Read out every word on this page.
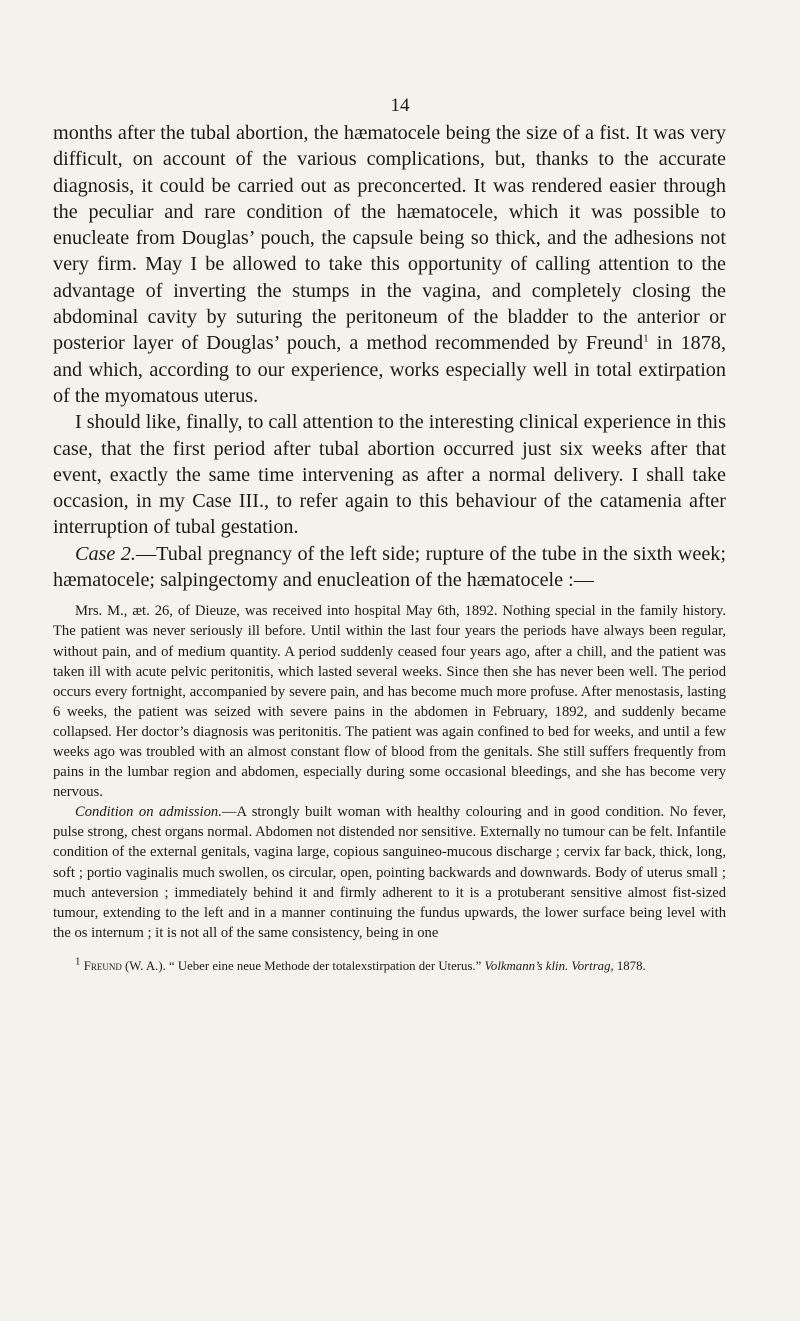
14

months after the tubal abortion, the hæmatocele being the size of a fist. It was very difficult, on account of the various complications, but, thanks to the accurate diagnosis, it could be carried out as preconcerted. It was rendered easier through the peculiar and rare condition of the hæmatocele, which it was possible to enucleate from Douglas’ pouch, the capsule being so thick, and the adhesions not very firm. May I be allowed to take this opportunity of calling attention to the advantage of inverting the stumps in the vagina, and completely closing the abdominal cavity by suturing the peritoneum of the bladder to the anterior or posterior layer of Douglas’ pouch, a method recommended by Freund$^1$ in 1878, and which, according to our experience, works especially well in total extirpation of the myomatous uterus.

I should like, finally, to call attention to the interesting clinical experience in this case, that the first period after tubal abortion occurred just six weeks after that event, exactly the same time intervening as after a normal delivery. I shall take occasion, in my Case III., to refer again to this behaviour of the catamenia after interruption of tubal gestation.

Case 2.—Tubal pregnancy of the left side; rupture of the tube in the sixth week; hæmatocele; salpingectomy and enucleation of the hæmatocele :—

Mrs. M., æt. 26, of Dieuze, was received into hospital May 6th, 1892. Nothing special in the family history. The patient was never seriously ill before. Until within the last four years the periods have always been regular, without pain, and of medium quantity. A period suddenly ceased four years ago, after a chill, and the patient was taken ill with acute pelvic peritonitis, which lasted several weeks. Since then she has never been well. The period occurs every fortnight, accompanied by severe pain, and has become much more profuse. After menostasis, lasting 6 weeks, the patient was seized with severe pains in the abdomen in February, 1892, and suddenly became collapsed. Her doctor’s diagnosis was peritonitis. The patient was again confined to bed for weeks, and until a few weeks ago was troubled with an almost constant flow of blood from the genitals. She still suffers frequently from pains in the lumbar region and abdomen, especially during some occasional bleedings, and she has become very nervous.

Condition on admission.—A strongly built woman with healthy colouring and in good condition. No fever, pulse strong, chest organs normal. Abdomen not distended nor sensitive. Externally no tumour can be felt. Infantile condition of the external genitals, vagina large, copious sanguineo-mucous discharge ; cervix far back, thick, long, soft ; portio vaginalis much swollen, os circular, open, pointing backwards and downwards. Body of uterus small ; much anteversion ; immediately behind it and firmly adherent to it is a protuberant sensitive almost fist-sized tumour, extending to the left and in a manner continuing the fundus upwards, the lower surface being level with the os internum ; it is not all of the same consistency, being in one

$^1$ Freund (W. A.). “ Ueber eine neue Methode der totalexstirpation der Uterus.” Volkmann’s klin. Vortrag, 1878.
